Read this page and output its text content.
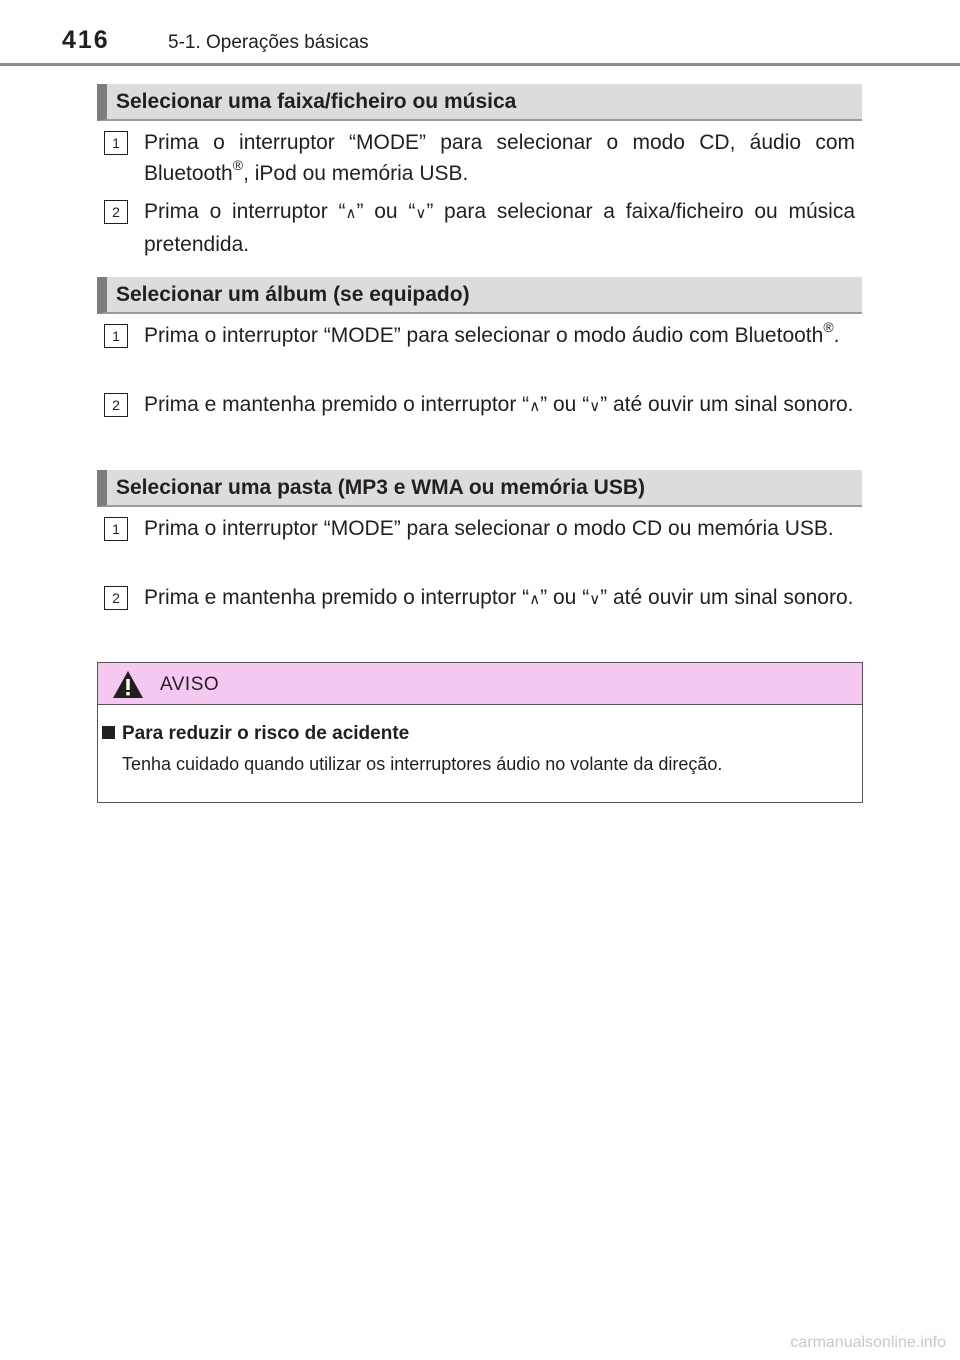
416	5-1. Operações básicas
Selecionar uma faixa/ficheiro ou música
1	Prima o interruptor “MODE” para selecionar o modo CD, áudio com Bluetooth®, iPod ou memória USB.
2	Prima o interruptor “∧” ou “∨” para selecionar a faixa/ficheiro ou música pretendida.
Selecionar um álbum (se equipado)
1	Prima o interruptor “MODE” para selecionar o modo áudio com Bluetooth®.
2	Prima e mantenha premido o interruptor “∧” ou “∨” até ouvir um sinal sonoro.
Selecionar uma pasta (MP3 e WMA ou memória USB)
1	Prima o interruptor “MODE” para selecionar o modo CD ou memória USB.
2	Prima e mantenha premido o interruptor “∧” ou “∨” até ouvir um sinal sonoro.
AVISO
Para reduzir o risco de acidente
Tenha cuidado quando utilizar os interruptores áudio no volante da direção.
carmanualsonline.info
